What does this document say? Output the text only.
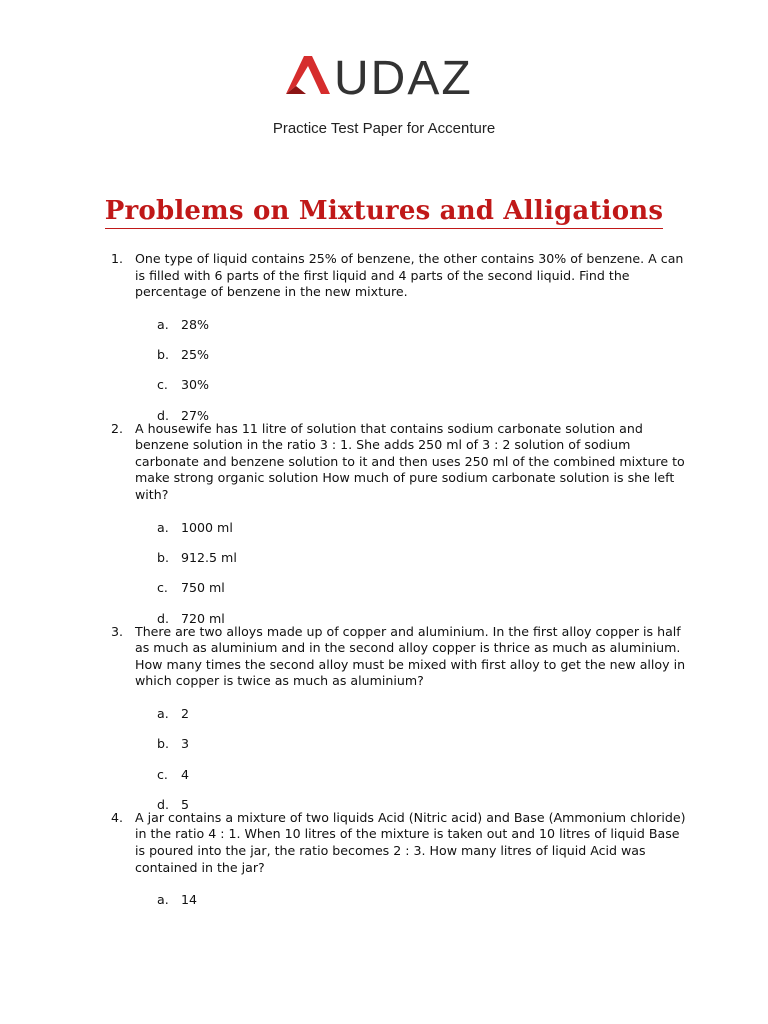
UDAZ
Practice Test Paper for Accenture
Problems on Mixtures and Alligations
1. One type of liquid contains 25% of benzene, the other contains 30% of benzene. A can is filled with 6 parts of the first liquid and 4 parts of the second liquid. Find the percentage of benzene in the new mixture.
a. 28%
b. 25%
c. 30%
d. 27%
2. A housewife has 11 litre of solution that contains sodium carbonate solution and benzene solution in the ratio 3 : 1. She adds 250 ml of 3 : 2 solution of sodium carbonate and benzene solution to it and then uses 250 ml of the combined mixture to make strong organic solution How much of pure sodium carbonate solution is she left with?
a. 1000 ml
b. 912.5 ml
c. 750 ml
d. 720 ml
3. There are two alloys made up of copper and aluminium. In the first alloy copper is half as much as aluminium and in the second alloy copper is thrice as much as aluminium. How many times the second alloy must be mixed with first alloy to get the new alloy in which copper is twice as much as aluminium?
a. 2
b. 3
c. 4
d. 5
4. A jar contains a mixture of two liquids Acid (Nitric acid) and Base (Ammonium chloride) in the ratio 4 : 1. When 10 litres of the mixture is taken out and 10 litres of liquid Base is poured into the jar, the ratio becomes 2 : 3. How many litres of liquid Acid was contained in the jar?
a. 14
